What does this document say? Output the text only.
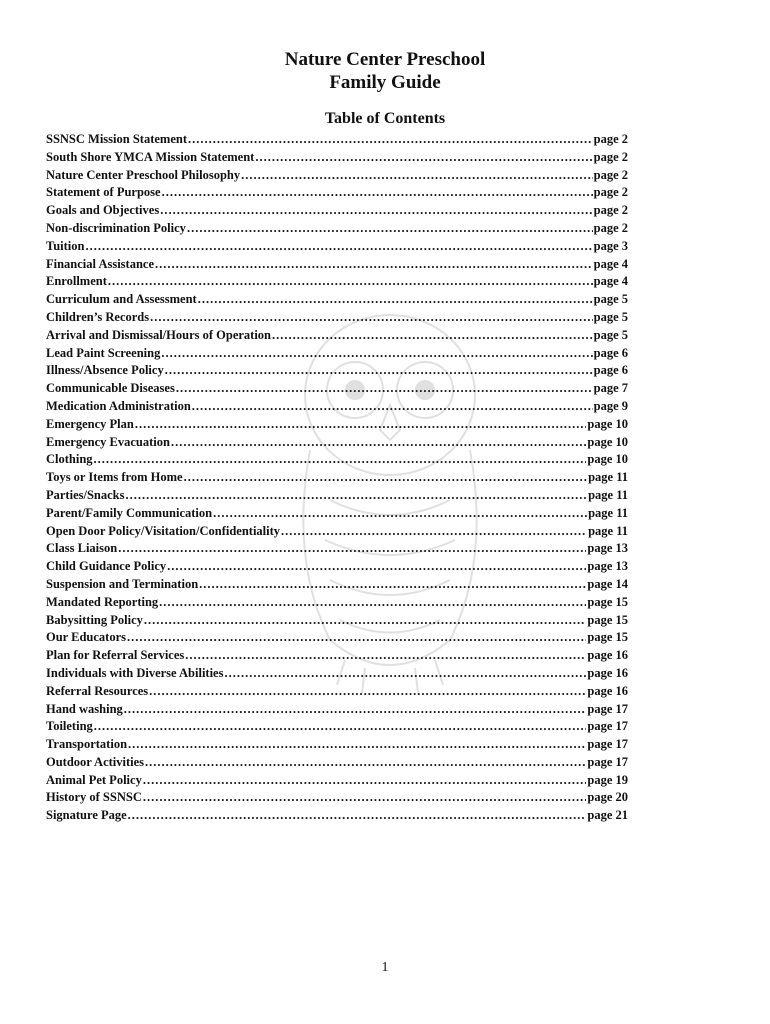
Nature Center Preschool
Family Guide
Table of Contents
SSNSC Mission Statement .....	page 2
South Shore YMCA Mission Statement .....	page 2
Nature Center Preschool Philosophy .....	page 2
Statement of Purpose .....	page 2
Goals and Objectives .....	page 2
Non-discrimination Policy .....	page 2
Tuition .....	page 3
Financial Assistance .....	page 4
Enrollment .....	page 4
Curriculum and Assessment .....	page 5
Children’s Records .....	page 5
Arrival and Dismissal/Hours of Operation .....	page 5
Lead Paint Screening .....	page 6
Illness/Absence Policy .....	page 6
Communicable Diseases .....	page 7
Medication Administration .....	page 9
Emergency Plan .....	page 10
Emergency Evacuation .....	page 10
Clothing .....	page 10
Toys or Items from Home .....	page 11
Parties/Snacks .....	page 11
Parent/Family Communication .....	page 11
Open Door Policy/Visitation/Confidentiality .....	page 11
Class Liaison .....	page 13
Child Guidance Policy .....	page 13
Suspension and Termination .....	page 14
Mandated Reporting .....	page 15
Babysitting Policy .....	page 15
Our Educators .....	page 15
Plan for Referral Services .....	page 16
Individuals with Diverse Abilities .....	page 16
Referral Resources .....	page 16
Hand washing .....	page 17
Toileting .....	page 17
Transportation .....	page 17
Outdoor Activities .....	page 17
Animal Pet Policy .....	page 19
History of SSNSC .....	page 20
Signature Page .....	page 21
1
